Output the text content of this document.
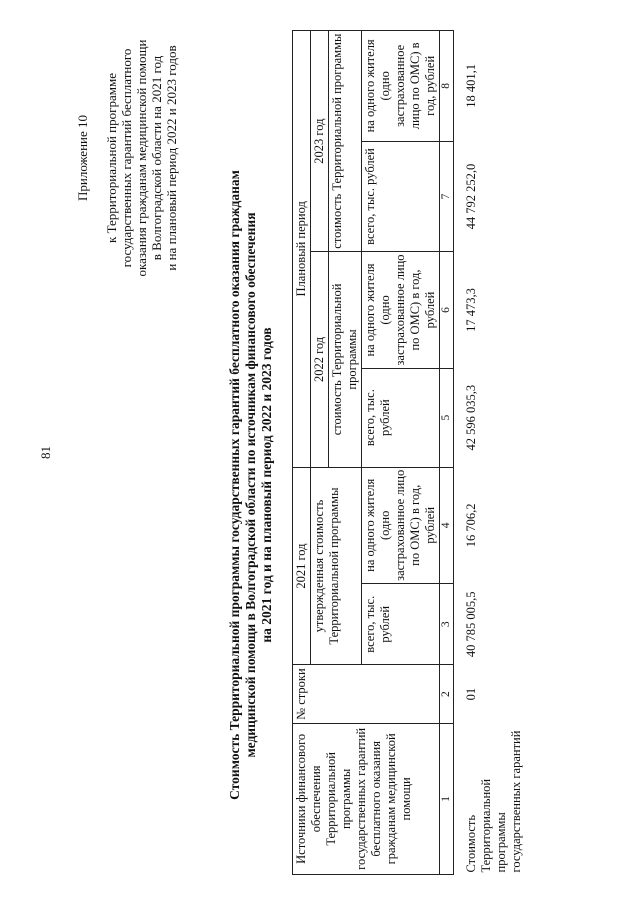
81
Приложение 10 к Территориальной программе государственных гарантий бесплатного оказания гражданам медицинской помощи в Волгоградской области на 2021 год и на плановый период 2022 и 2023 годов
Стоимость Территориальной программы государственных гарантий бесплатного оказания гражданам медицинской помощи в Волгоградской области по источникам финансового обеспечения на 2021 год и на плановый период 2022 и 2023 годов
Источники финансового обеспечения Территориальной программы государственных гарантий бесплатного оказания гражданам медицинской помощи	№ строки	2021 год		Плановый период			
		утвержденная стоимость Территориальной программы		2022 год		2023 год	
				стоимость Территориальной программы		стоимость Территориальной программы	
		всего, тыс. рублей	на одного жителя (одно застрахованное лицо по ОМС) в год, рублей	всего, тыс. рублей	на одного жителя (одно застрахованное лицо по ОМС) в год, рублей	всего, тыс. рублей	на одного жителя (одно застрахованное лицо по ОМС) в год, рублей
1	2	3	4	5	6	7	8
Стоимость Территориальной программы государственных гарантий	01	40 785 005,5	16 706,2	42 596 035,3	17 473,3	44 792 252,0	18 401,1
